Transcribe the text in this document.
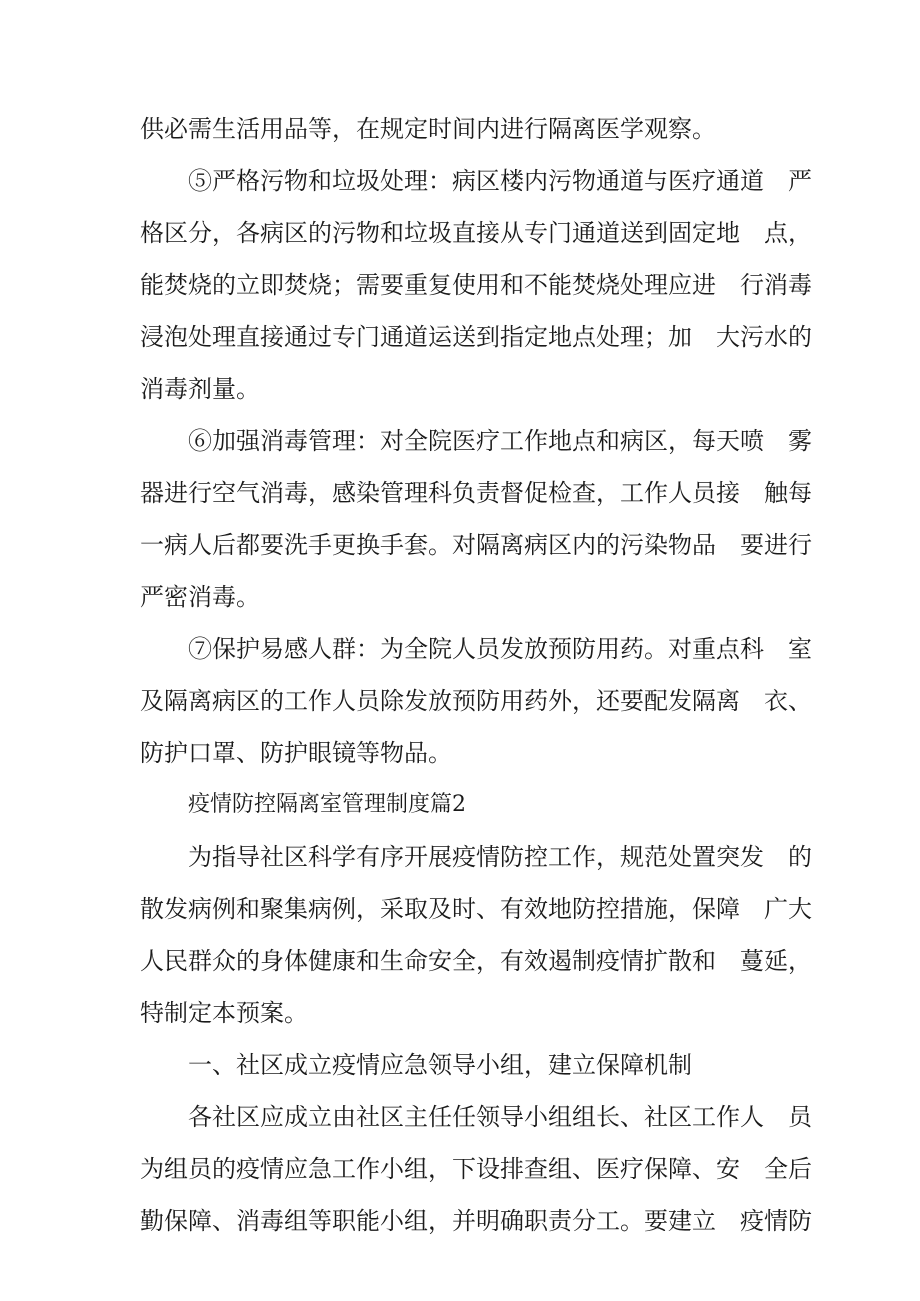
供必需生活用品等，在规定时间内进行隔离医学观察。
⑤严格污物和垃圾处理：病区楼内污物通道与医疗通道　严
格区分，各病区的污物和垃圾直接从专门通道送到固定地　点，
能焚烧的立即焚烧；需要重复使用和不能焚烧处理应进　行消毒
浸泡处理直接通过专门通道运送到指定地点处理；加　大污水的
消毒剂量。
⑥加强消毒管理：对全院医疗工作地点和病区，每天喷　雾
器进行空气消毒，感染管理科负责督促检查，工作人员接　触每
一病人后都要洗手更换手套。对隔离病区内的污染物品　要进行
严密消毒。
⑦保护易感人群：为全院人员发放预防用药。对重点科　室
及隔离病区的工作人员除发放预防用药外，还要配发隔离　衣、
防护口罩、防护眼镜等物品。
疫情防控隔离室管理制度篇2
为指导社区科学有序开展疫情防控工作，规范处置突发　的
散发病例和聚集病例，采取及时、有效地防控措施，保障　广大
人民群众的身体健康和生命安全，有效遏制疫情扩散和　蔓延，
特制定本预案。
一、社区成立疫情应急领导小组，建立保障机制
各社区应成立由社区主任任领导小组组长、社区工作人　员
为组员的疫情应急工作小组，下设排查组、医疗保障、安　全后
勤保障、消毒组等职能小组，并明确职责分工。要建立　疫情防
